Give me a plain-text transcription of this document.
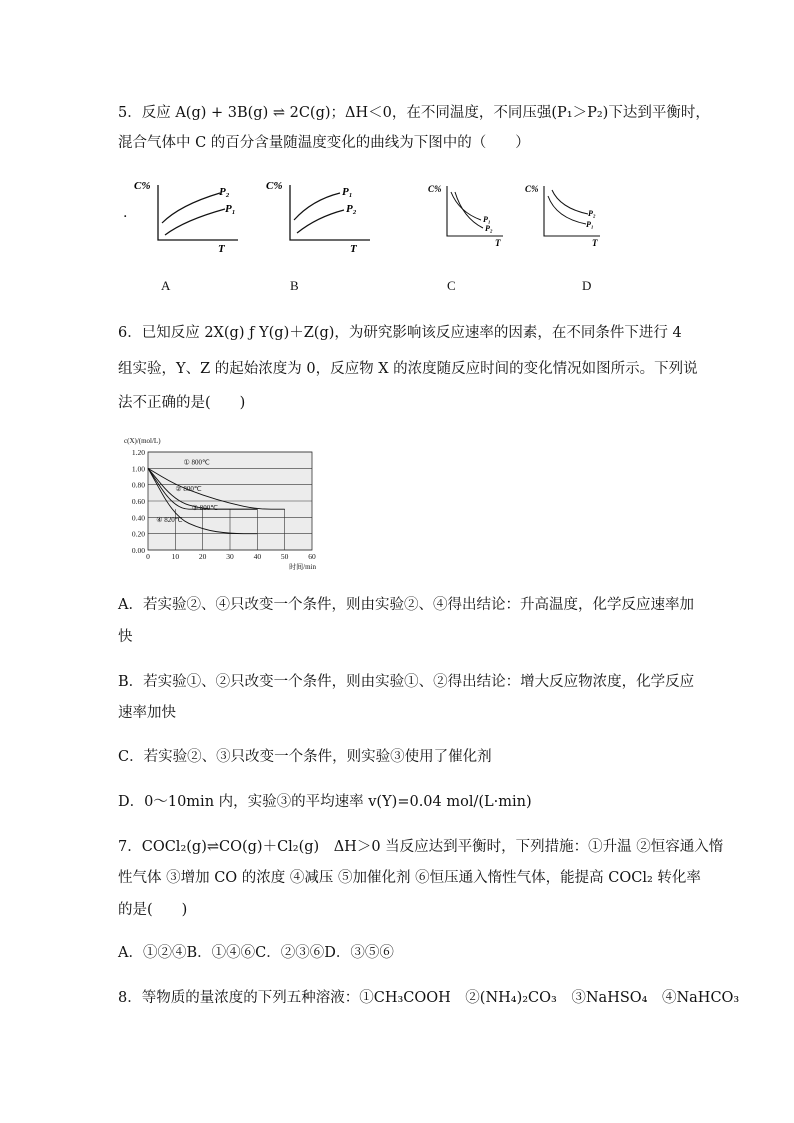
5．反应 A(g) + 3B(g) ⇌ 2C(g)；ΔH＜0，在不同温度，不同压强(P₁＞P₂)下达到平衡时，
混合气体中 C 的百分含量随温度变化的曲线为下图中的（　　）
.
C%	P₂
P₁
T
C%	P₁
P₂
T
C%
P₁
P₂
T
C%
P₂
P₁
T
A	B	C	D
6．已知反应 2X(g) ƒ Y(g)＋Z(g)，为研究影响该反应速率的因素，在不同条件下进行 4
组实验，Y、Z 的起始浓度为 0，反应物 X 的浓度随反应时间的变化情况如图所示。下列说
法不正确的是(　　)
0.00
0.20
0.40
0.60
0.80
1.00
1.20
0	10	20	30	40	50	60
c(X)/(mol/L)
时间/min
① 800℃
② 800℃
③ 800℃
④ 820℃
A．若实验②、④只改变一个条件，则由实验②、④得出结论：升高温度，化学反应速率加
快
B．若实验①、②只改变一个条件，则由实验①、②得出结论：增大反应物浓度，化学反应
速率加快
C．若实验②、③只改变一个条件，则实验③使用了催化剂
D．0～10min 内，实验③的平均速率 v(Y)=0.04 mol/(L·min)
7．COCl₂(g)⇌CO(g)＋Cl₂(g)　ΔH＞0 当反应达到平衡时，下列措施：①升温 ②恒容通入惰
性气体 ③增加 CO 的浓度 ④减压 ⑤加催化剂 ⑥恒压通入惰性气体，能提高 COCl₂ 转化率
的是(　　)
A．①②④B．①④⑥C．②③⑥D．③⑤⑥
8．等物质的量浓度的下列五种溶液：①CH₃COOH　②(NH₄)₂CO₃　③NaHSO₄　④NaHCO₃
